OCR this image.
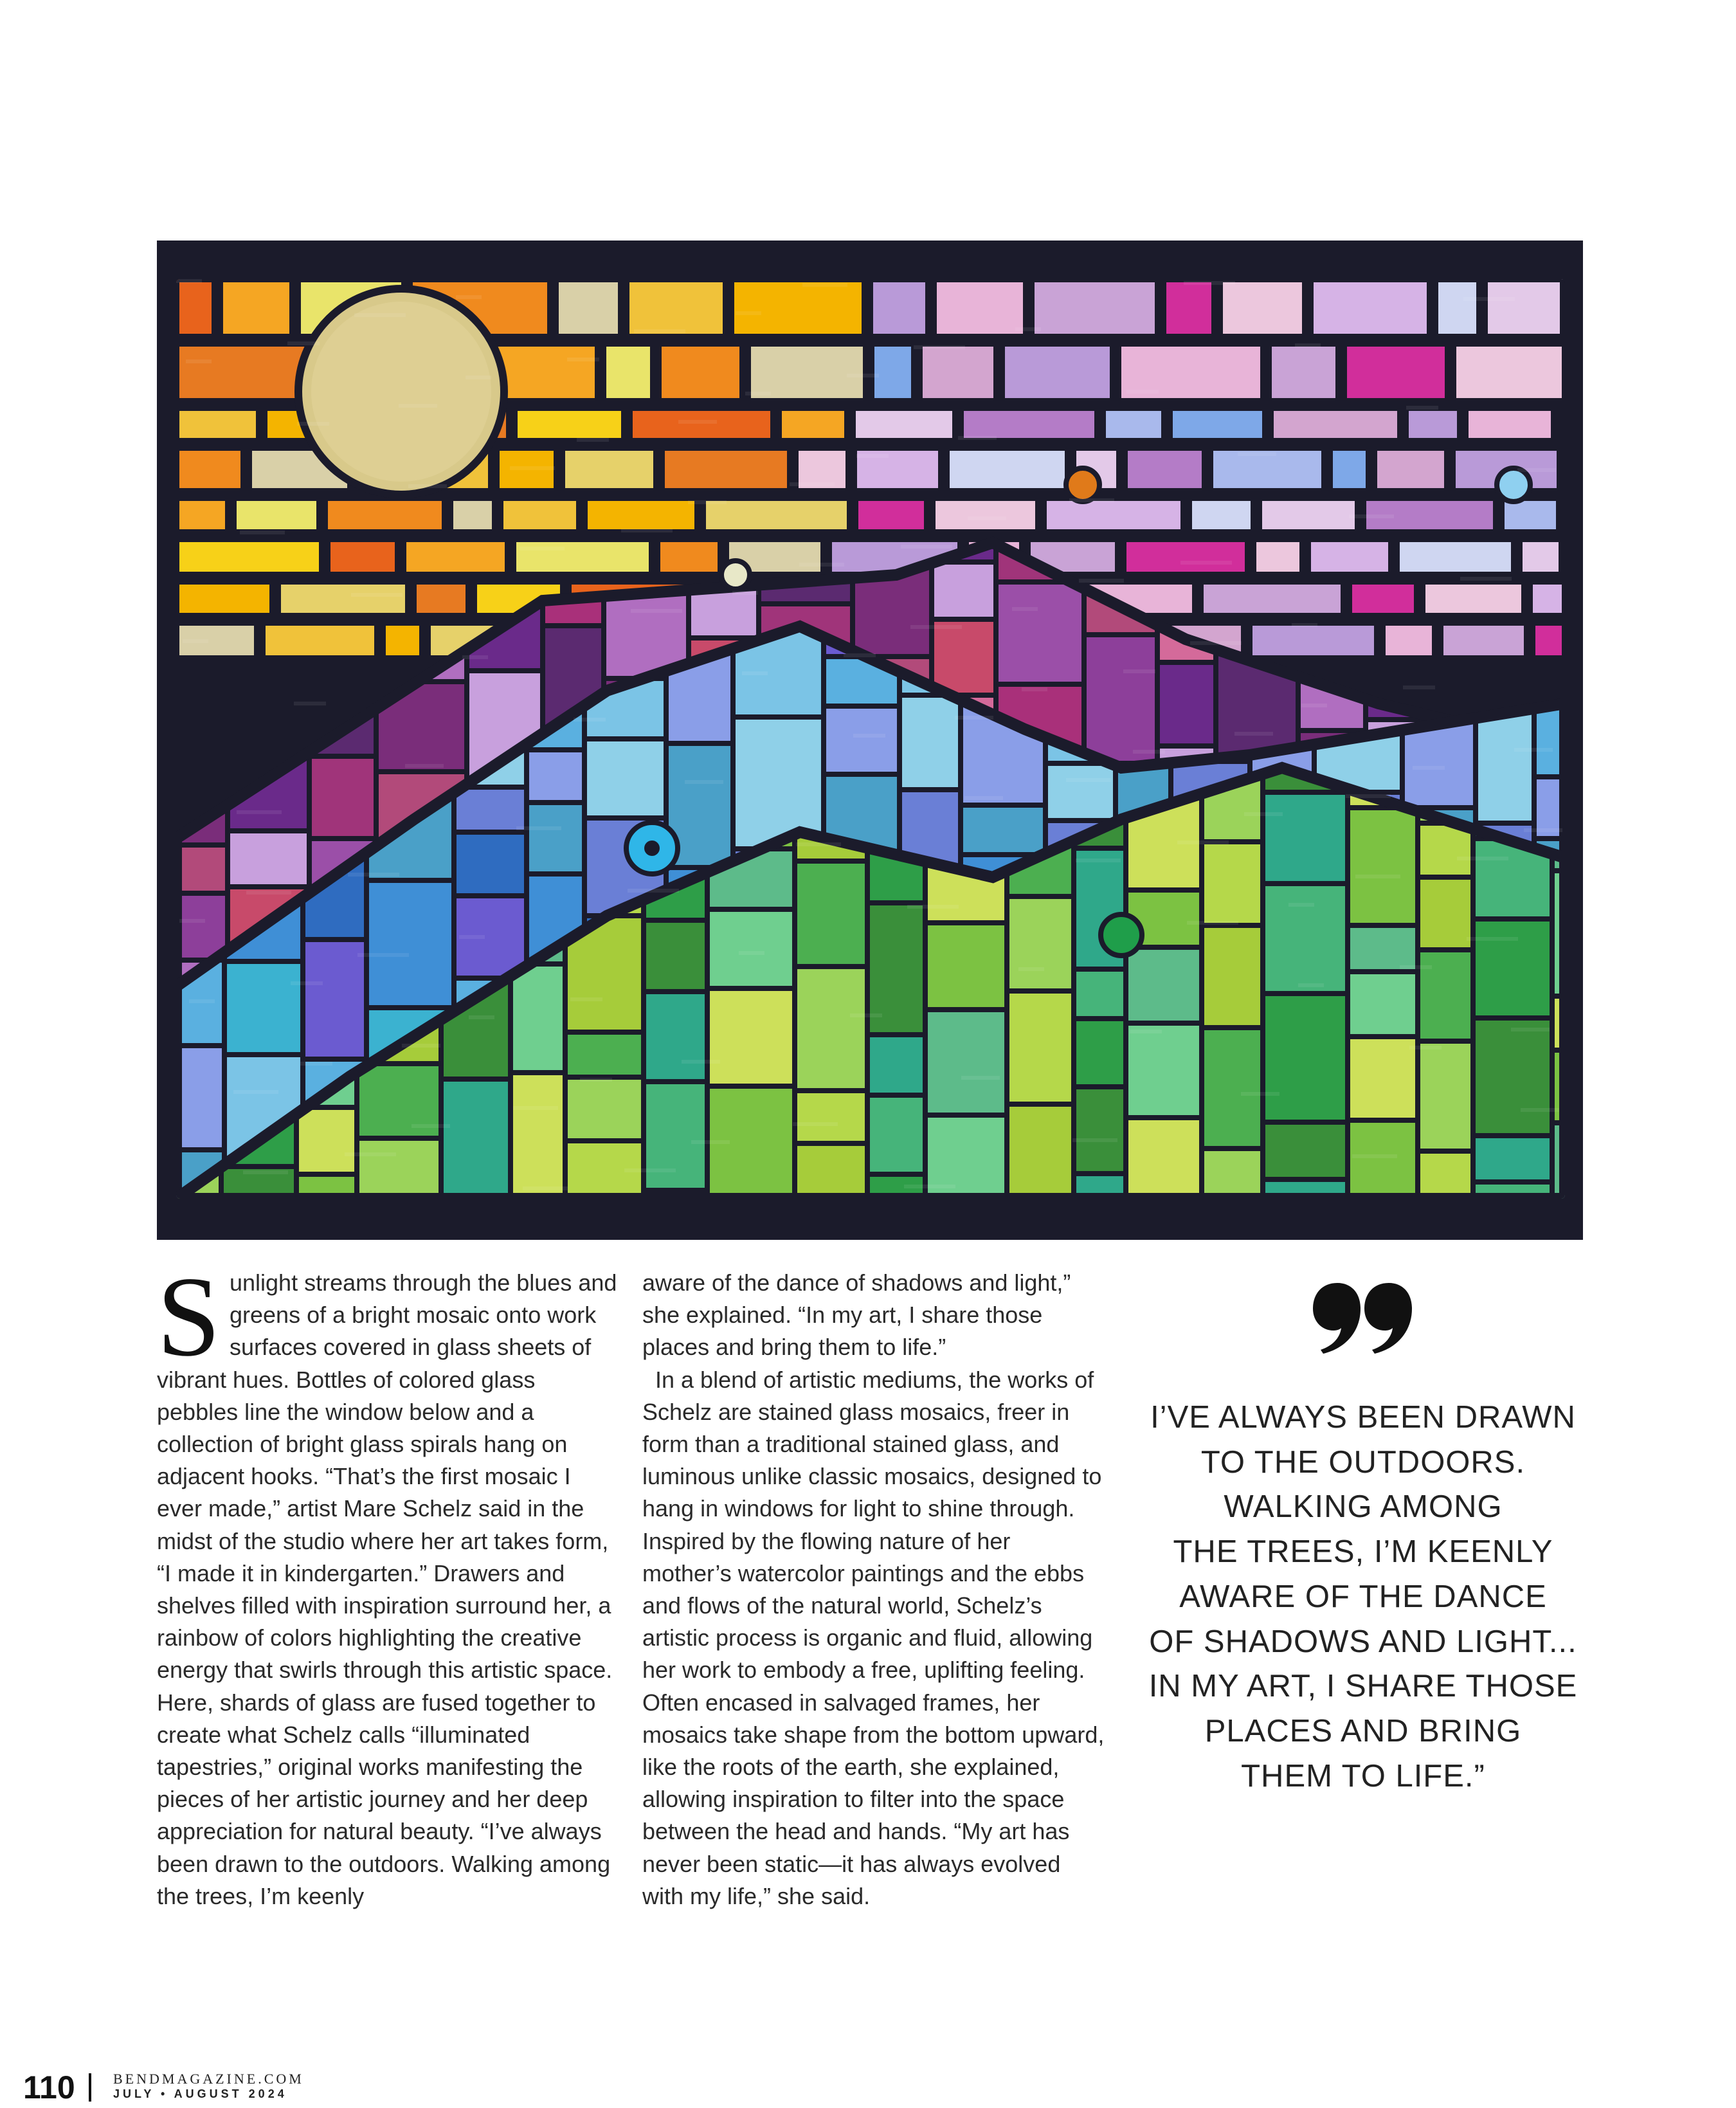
S unlight streams through the blues and greens of a bright mosaic onto work surfaces covered in glass sheets of vibrant hues. Bottles of colored glass pebbles line the window below and a collection of bright glass spirals hang on adjacent hooks. “That’s the first mosaic I ever made,” artist Mare Schelz said in the midst of the studio where her art takes form, “I made it in kindergarten.” Drawers and shelves filled with inspiration surround her, a rainbow of colors highlighting the creative energy that swirls through this artistic space. Here, shards of glass are fused together to create what Schelz calls “illuminated tapestries,” original works manifesting the pieces of her artistic journey and her deep appreciation for natural beauty. “I’ve always been drawn to the outdoors. Walking among the trees, I’m keenly

aware of the dance of shadows and light,” she explained. “In my art, I share those places and bring them to life.”

In a blend of artistic mediums, the works of Schelz are stained glass mosaics, freer in form than a traditional stained glass, and luminous unlike classic mosaics, designed to hang in windows for light to shine through. Inspired by the flowing nature of her mother’s watercolor paintings and the ebbs and flows of the natural world, Schelz’s artistic process is organic and fluid, allowing her work to embody a free, uplifting feeling. Often encased in salvaged frames, her mosaics take shape from the bottom upward, like the roots of the earth, she explained, allowing inspiration to filter into the space between the head and hands. “My art has never been static—it has always evolved with my life,” she said.

I’VE ALWAYS BEEN DRAWN
TO THE OUTDOORS.
WALKING AMONG
THE TREES, I’M KEENLY
AWARE OF THE DANCE
OF SHADOWS AND LIGHT...
IN MY ART, I SHARE THOSE
PLACES AND BRING
THEM TO LIFE.”
110	BENDMAGAZINE.COM
JULY • AUGUST 2024
